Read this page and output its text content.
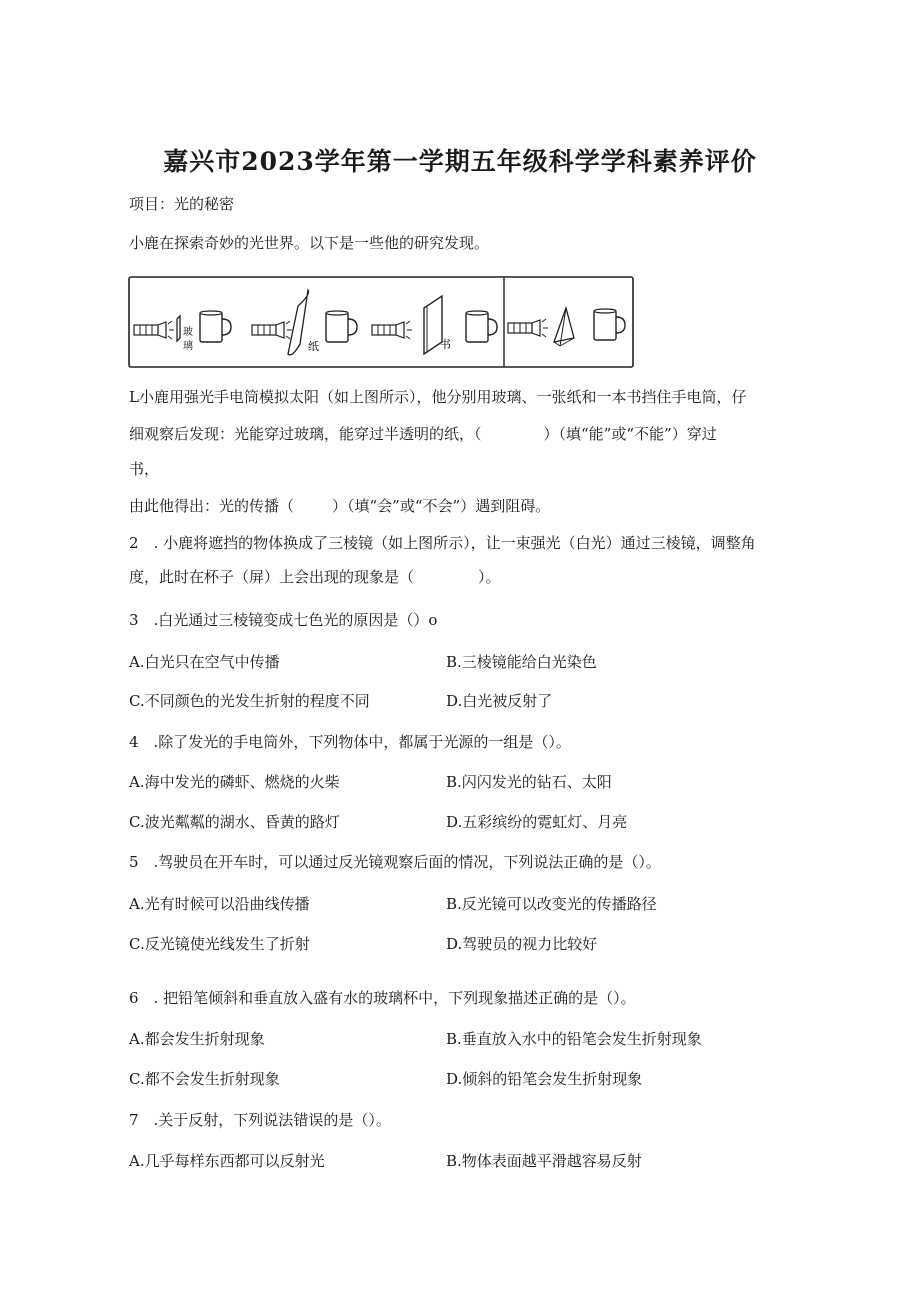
嘉兴市2023学年第一学期五年级科学学科素养评价
项目：光的秘密
小鹿在探索奇妙的光世界。以下是一些他的研究发现。
玻
璃	纸	书
L小鹿用强光手电筒模拟太阳（如上图所示），他分别用玻璃、一张纸和一本书挡住手电筒，仔
细观察后发现：光能穿过玻璃，能穿过半透明的纸，（	）（填“能”或“不能”）穿过
书，
由此他得出：光的传播（	）（填“会”或“不会”）遇到阻碍。
2　. 小鹿将遮挡的物体换成了三棱镜（如上图所示），让一束强光（白光）通过三棱镜，调整角
度，此时在杯子（屏）上会出现的现象是（	）。
3　.白光通过三棱镜变成七色光的原因是（）o
A.白光只在空气中传播	B.三棱镜能给白光染色
C.不同颜色的光发生折射的程度不同	D.白光被反射了
4　.除了发光的手电筒外，下列物体中，都属于光源的一组是（）。
A.海中发光的磷虾、燃烧的火柴	B.闪闪发光的钻石、太阳
C.波光粼粼的湖水、昏黄的路灯	D.五彩缤纷的霓虹灯、月亮
5　.驾驶员在开车时，可以通过反光镜观察后面的情况，下列说法正确的是（）。
A.光有时候可以沿曲线传播	B.反光镜可以改变光的传播路径
C.反光镜使光线发生了折射	D.驾驶员的视力比较好
6　. 把铅笔倾斜和垂直放入盛有水的玻璃杯中，下列现象描述正确的是（）。
A.都会发生折射现象	B.垂直放入水中的铅笔会发生折射现象
C.都不会发生折射现象	D.倾斜的铅笔会发生折射现象
7　.关于反射，下列说法错误的是（）。
A.几乎每样东西都可以反射光	B.物体表面越平滑越容易反射
